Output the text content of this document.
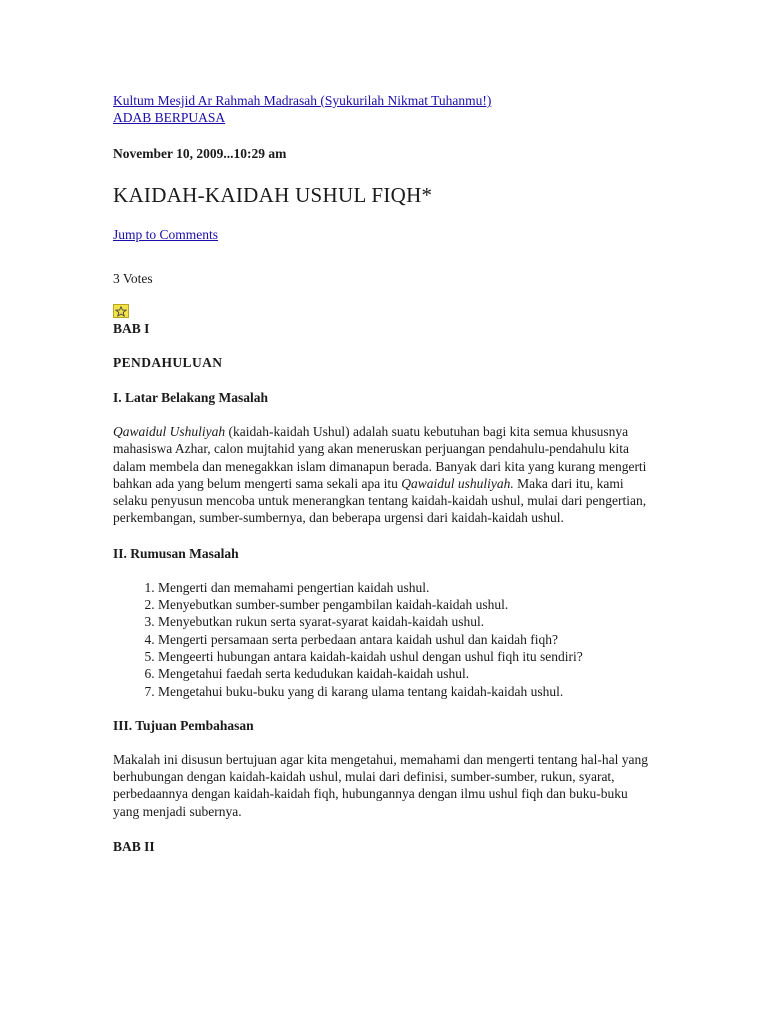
Kultum Mesjid Ar Rahmah Madrasah (Syukurilah Nikmat Tuhanmu!)
ADAB BERPUASA
November 10, 2009...10:29 am
KAIDAH-KAIDAH USHUL FIQH*
Jump to Comments
3 Votes
BAB I
PENDAHULUAN
I. Latar Belakang Masalah

Qawaidul Ushuliyah (kaidah-kaidah Ushul) adalah suatu kebutuhan bagi kita semua khususnya mahasiswa Azhar, calon mujtahid yang akan meneruskan perjuangan pendahulu-pendahulu kita dalam membela dan menegakkan islam dimanapun berada. Banyak dari kita yang kurang mengerti bahkan ada yang belum mengerti sama sekali apa itu Qawaidul ushuliyah. Maka dari itu, kami selaku penyusun mencoba untuk menerangkan tentang kaidah-kaidah ushul, mulai dari pengertian, perkembangan, sumber-sumbernya, dan beberapa urgensi dari kaidah-kaidah ushul.

II. Rumusan Masalah
1. Mengerti dan memahami pengertian kaidah ushul.
2. Menyebutkan sumber-sumber pengambilan kaidah-kaidah ushul.
3. Menyebutkan rukun serta syarat-syarat kaidah-kaidah ushul.
4. Mengerti persamaan serta perbedaan antara kaidah ushul dan kaidah fiqh?
5. Mengeerti hubungan antara kaidah-kaidah ushul dengan ushul fiqh itu sendiri?
6. Mengetahui faedah serta kedudukan kaidah-kaidah ushul.
7. Mengetahui buku-buku yang di karang ulama tentang kaidah-kaidah ushul.
III. Tujuan Pembahasan

Makalah ini disusun bertujuan agar kita mengetahui, memahami dan mengerti tentang hal-hal yang berhubungan dengan kaidah-kaidah ushul, mulai dari definisi, sumber-sumber, rukun, syarat, perbedaannya dengan kaidah-kaidah fiqh, hubungannya dengan ilmu ushul fiqh dan buku-buku yang menjadi subernya.

BAB II
